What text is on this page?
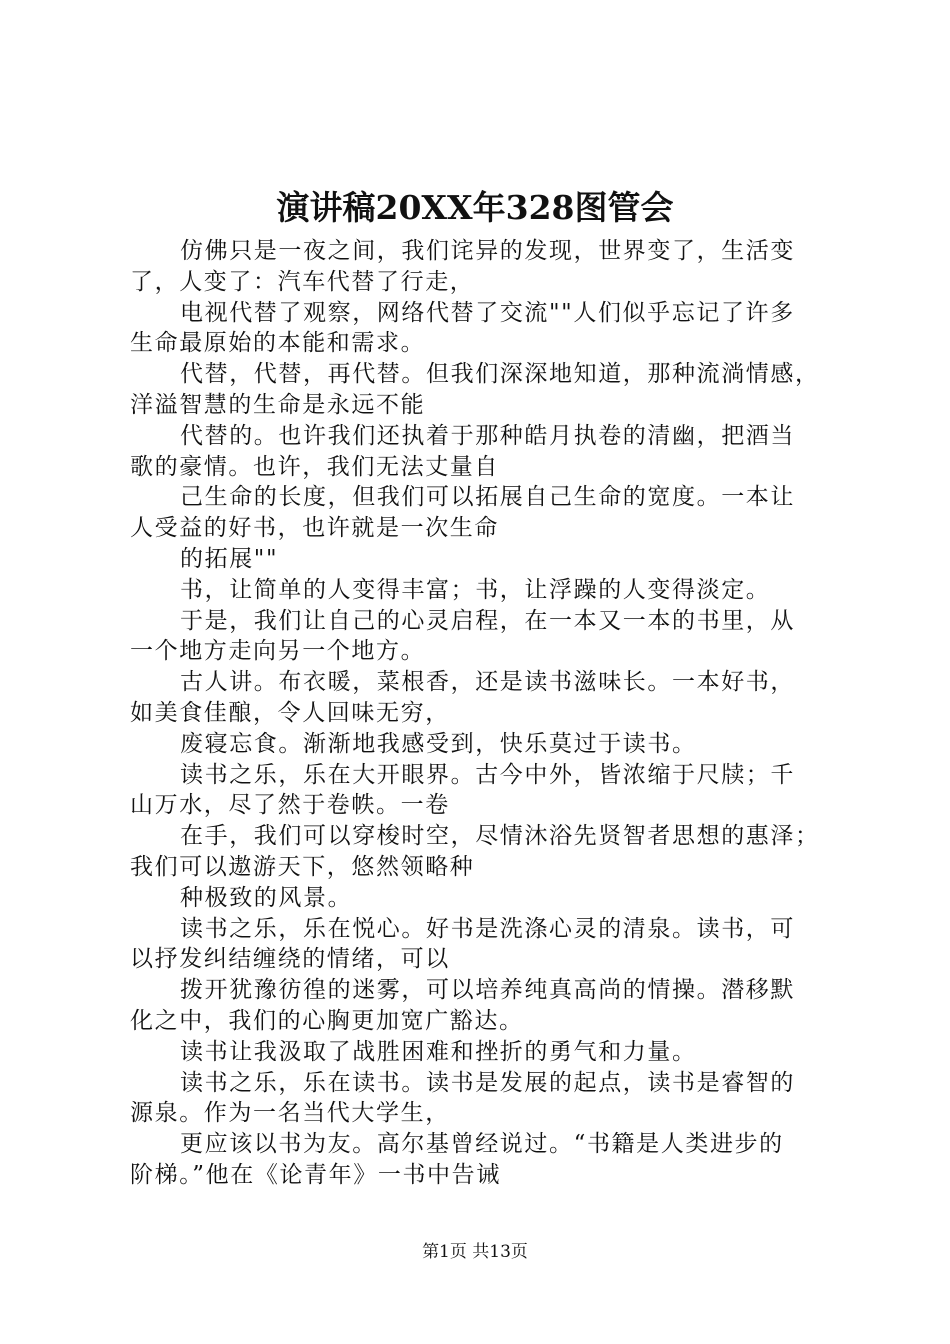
演讲稿20XX年328图管会
仿佛只是一夜之间，我们诧异的发现，世界变了，生活变
了，人变了：汽车代替了行走，
电视代替了观察，网络代替了交流""人们似乎忘记了许多
生命最原始的本能和需求。
代替，代替，再代替。但我们深深地知道，那种流淌情感，
洋溢智慧的生命是永远不能
代替的。也许我们还执着于那种皓月执卷的清幽，把酒当
歌的豪情。也许，我们无法丈量自
己生命的长度，但我们可以拓展自己生命的宽度。一本让
人受益的好书，也许就是一次生命
的拓展""
书，让简单的人变得丰富；书，让浮躁的人变得淡定。
于是，我们让自己的心灵启程，在一本又一本的书里，从
一个地方走向另一个地方。
古人讲。布衣暖，菜根香，还是读书滋味长。一本好书，
如美食佳酿，令人回味无穷，
废寝忘食。渐渐地我感受到，快乐莫过于读书。
读书之乐，乐在大开眼界。古今中外，皆浓缩于尺牍；千
山万水，尽了然于卷帙。一卷
在手，我们可以穿梭时空，尽情沐浴先贤智者思想的惠泽；
我们可以遨游天下，悠然领略种
种极致的风景。
读书之乐，乐在悦心。好书是洗涤心灵的清泉。读书，可
以抒发纠结缠绕的情绪，可以
拨开犹豫彷徨的迷雾，可以培养纯真高尚的情操。潜移默
化之中，我们的心胸更加宽广豁达。
读书让我汲取了战胜困难和挫折的勇气和力量。
读书之乐，乐在读书。读书是发展的起点，读书是睿智的
源泉。作为一名当代大学生，
更应该以书为友。高尔基曾经说过。“书籍是人类进步的
阶梯。”他在《论青年》一书中告诫
第1页 共13页
